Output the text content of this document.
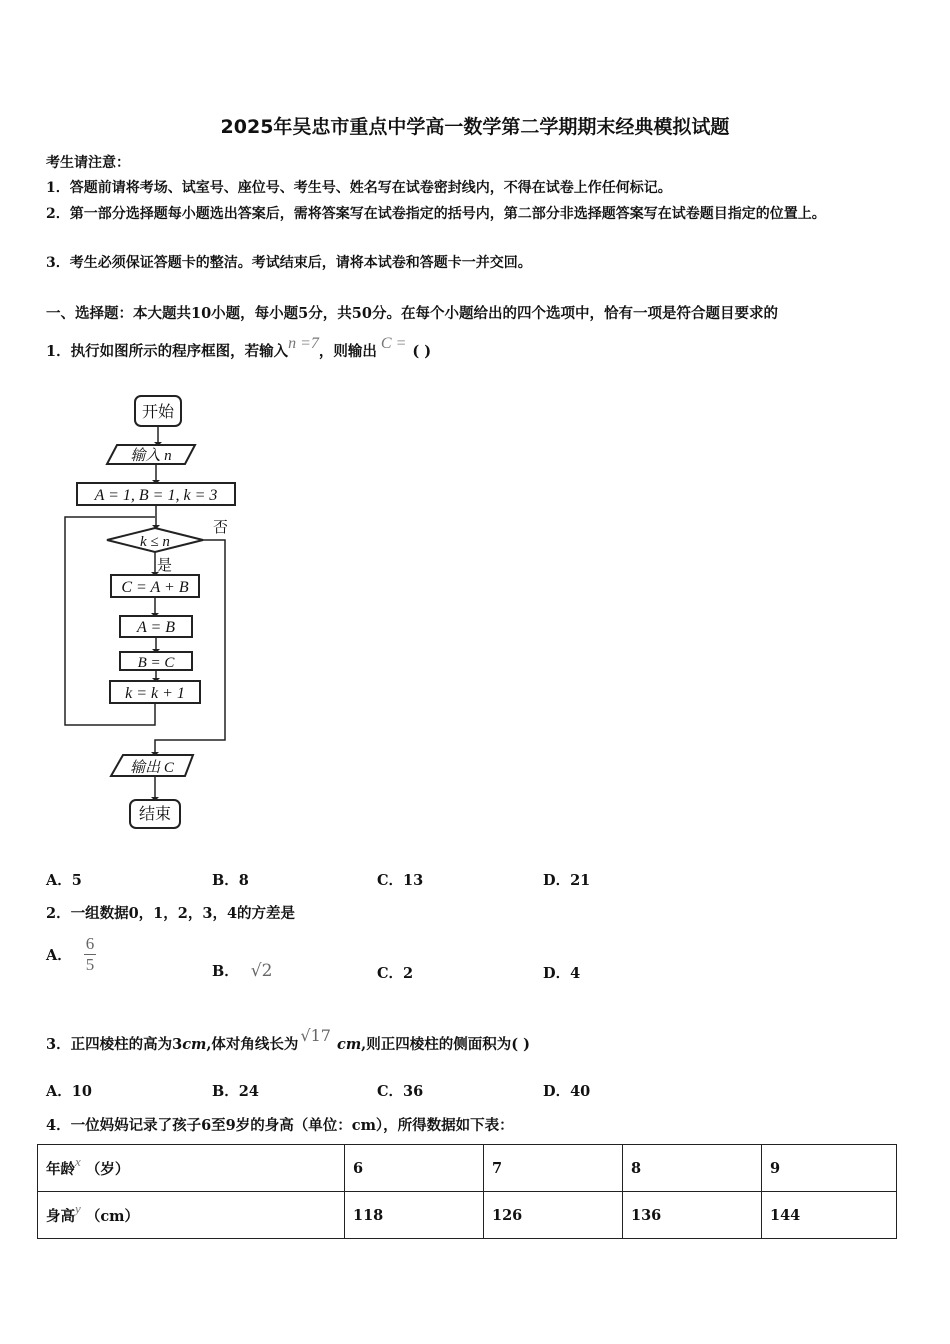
2025年吴忠市重点中学高一数学第二学期期末经典模拟试题
考生请注意：
1．答题前请将考场、试室号、座位号、考生号、姓名写在试卷密封线内，不得在试卷上作任何标记。
2．第一部分选择题每小题选出答案后，需将答案写在试卷指定的括号内，第二部分非选择题答案写在试卷题目指定的位置上。
3．考生必须保证答题卡的整洁。考试结束后，请将本试卷和答题卡一并交回。
一、选择题：本大题共10小题，每小题5分，共50分。在每个小题给出的四个选项中，恰有一项是符合题目要求的
1．执行如图所示的程序框图，若输入n =7，则输出 C = ( )
开始
输入 n
A = 1, B = 1, k = 3
k ≤ n
否
是
C = A + B
A = B
B = C
k = k + 1
输出 C
结束
A．5	B．8	C．13	D．21
2．一组数据0，1，2，3，4的方差是
A． $\frac{6}{5}$	B． √2	C．2	D．4
3．正四棱柱的高为3cm,体对角线长为 √17 cm,则正四棱柱的侧面积为( )
A．10	B．24	C．36	D．40
4．一位妈妈记录了孩子6至9岁的身高（单位：cm），所得数据如下表：
年龄x （岁）	6	7	8	9
身高y （cm）	118	126	136	144
